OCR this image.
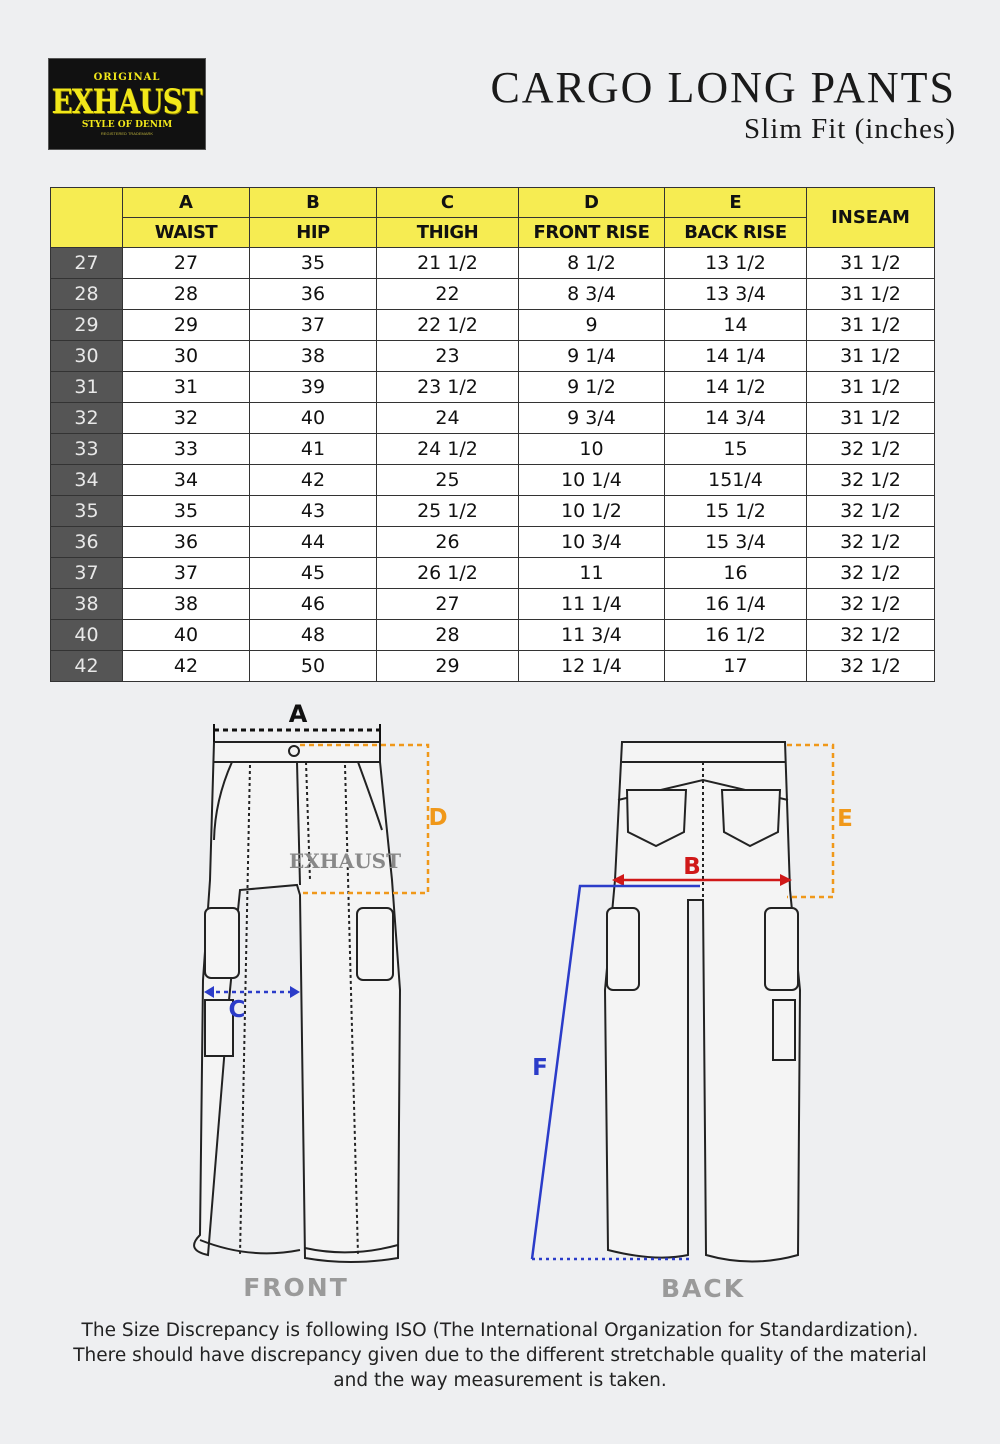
ORIGINAL
EXHAUST
STYLE OF DENIM
REGISTERED TRADEMARK
CARGO LONG PANTS
Slim Fit (inches)
	A	B	C	D	E	INSEAM
	WAIST	HIP	THIGH	FRONT RISE	BACK RISE	
27	27	35	21 1/2	8 1/2	13 1/2	31 1/2
28	28	36	22	8 3/4	13 3/4	31 1/2
29	29	37	22 1/2	9	14	31 1/2
30	30	38	23	9 1/4	14 1/4	31 1/2
31	31	39	23 1/2	9 1/2	14 1/2	31 1/2
32	32	40	24	9 3/4	14 3/4	31 1/2
33	33	41	24 1/2	10	15	32 1/2
34	34	42	25	10 1/4	151/4	32 1/2
35	35	43	25 1/2	10 1/2	15 1/2	32 1/2
36	36	44	26	10 3/4	15 3/4	32 1/2
37	37	45	26 1/2	11	16	32 1/2
38	38	46	27	11 1/4	16 1/4	32 1/2
40	40	48	28	11 3/4	16 1/2	32 1/2
42	42	50	29	12 1/4	17	32 1/2
EXHAUST
A
D
C
E
B
F
FRONT	BACK
The Size Discrepancy is following ISO (The International Organization for Standardization).
There should have discrepancy given due to the different stretchable quality of the material
and the way measurement is taken.
